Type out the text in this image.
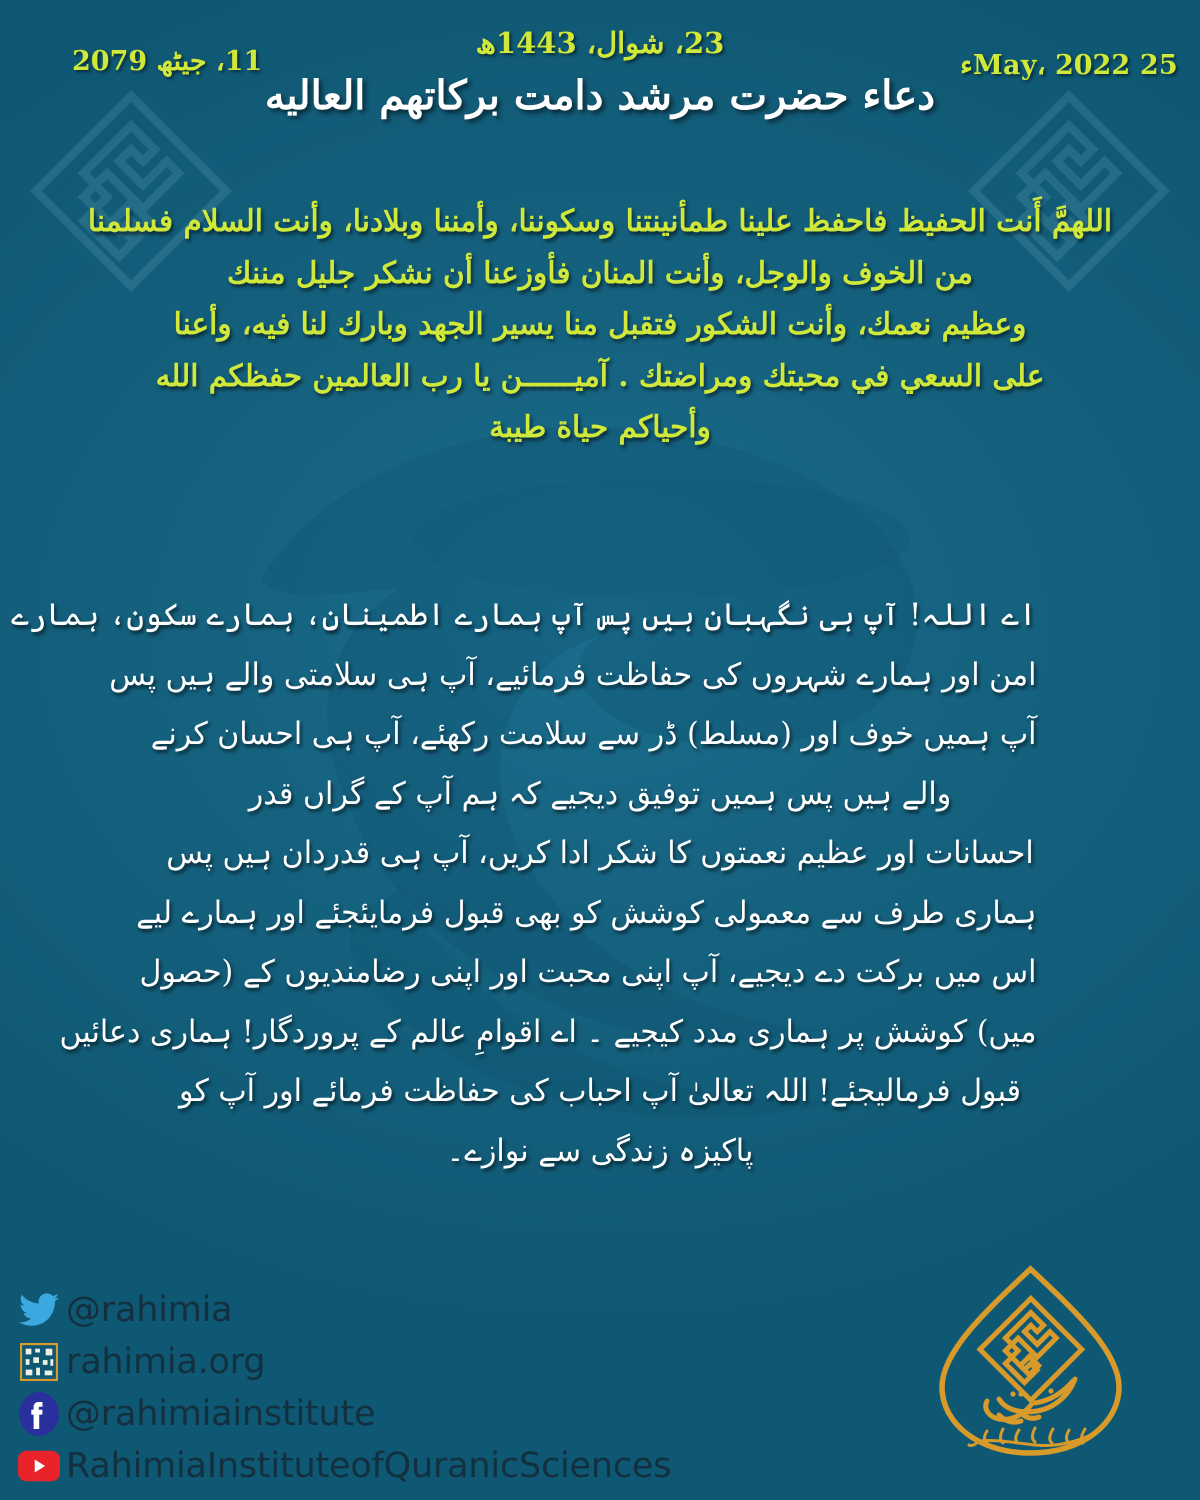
23، شوال، 1443ھ
11، جیٹھ 2079	25 May، 2022ء
دعاء حضرت مرشد دامت برکاتهم العالیه
اللهمَّ أَنت الحفیظ فاحفظ علینا طمأنینتنا وسکوننا، وأمننا وبلادنا، وأنت السلام فسلمنا
من الخوف والوجل، وأنت المنان فأوزعنا أن نشکر جلیل مننك
وعظیم نعمك، وأنت الشکور فتقبل منا یسیر الجهد وبارك لنا فیه، وأعنا
على السعي في محبتك ومراضتك . آمیــــــن یا رب العالمین حفظکم الله
وأحیاکم حیاة طیبة
اے اللہ! آپ ہی نگہبان ہیں پس آپ ہمارے اطمینانِ، ہمارے سکون، ہمارے
امن اور ہمارے شہروں کی حفاظت فرمائیے، آپ ہی سلامتی والے ہیں پس
آپ ہمیں خوف اور (مسلط) ڈر سے سلامت رکھئے، آپ ہی احسان کرنے
والے ہیں پس ہمیں توفیق دیجیے کہ ہم آپ کے گراں قدر
احسانات اور عظیم نعمتوں کا شکر ادا کریں، آپ ہی قدردان ہیں پس
ہماری طرف سے معمولی کوشش کو بھی قبول فرمایئجئے اور ہمارے لیے
اس میں برکت دے دیجیے، آپ اپنی محبت اور اپنی رضامندیوں کے (حصول
میں) کوشش پر ہماری مدد کیجیے ۔ اے اقوامِ عالم کے پروردگار! ہماری دعائیں
قبول فرمالیجئے! اللہ تعالیٰ آپ احباب کی حفاظت فرمائے اور آپ کو
پاکیزہ زندگی سے نوازے۔
@rahimia
rahimia.org
@rahimiainstitute
RahimiaInstituteofQuranicSciences
